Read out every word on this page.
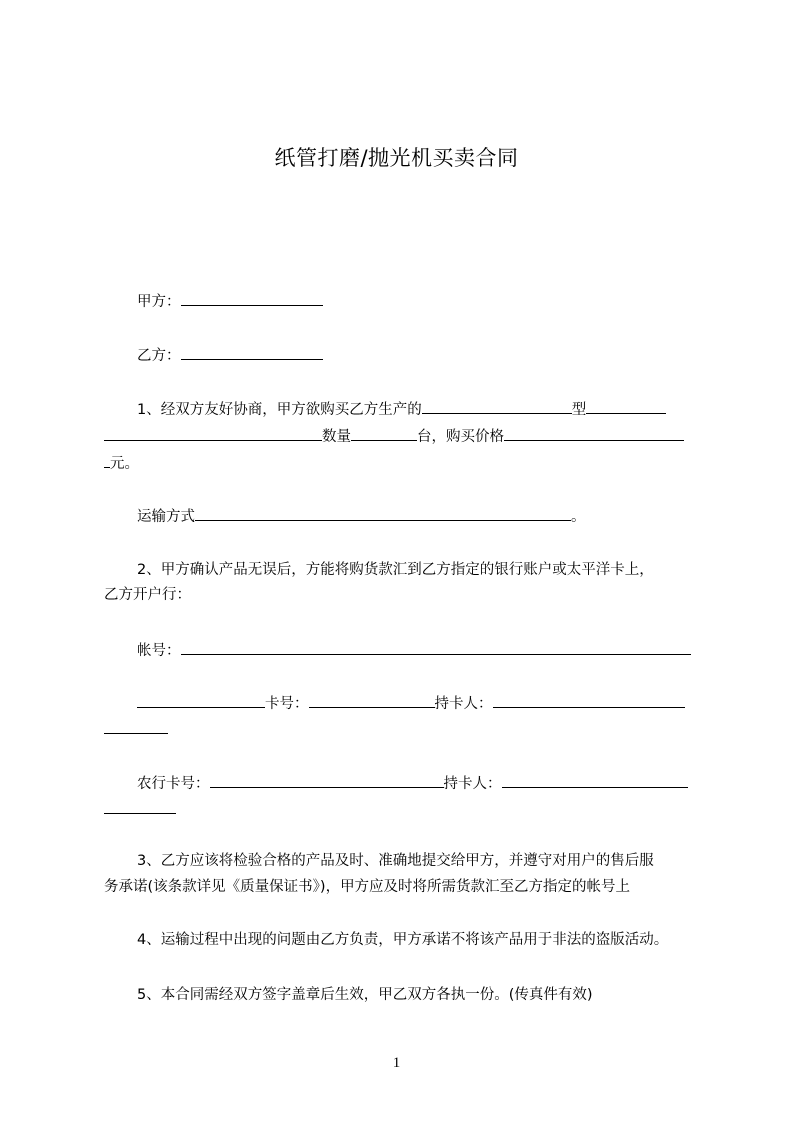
纸管打磨/抛光机买卖合同
甲方：
乙方：
1、经双方友好协商，甲方欲购买乙方生产的	型
数量	台，购买价格
元。
运输方式	。
2、甲方确认产品无误后，方能将购货款汇到乙方指定的银行账户或太平洋卡上，
乙方开户行：
帐号：
卡号：	持卡人：
农行卡号：	持卡人：
3、乙方应该将检验合格的产品及时、准确地提交给甲方，并遵守对用户的售后服
务承诺(该条款详见《质量保证书》)，甲方应及时将所需货款汇至乙方指定的帐号上
4、运输过程中出现的问题由乙方负责，甲方承诺不将该产品用于非法的盗版活动。
5、本合同需经双方签字盖章后生效，甲乙双方各执一份。(传真件有效)
1
